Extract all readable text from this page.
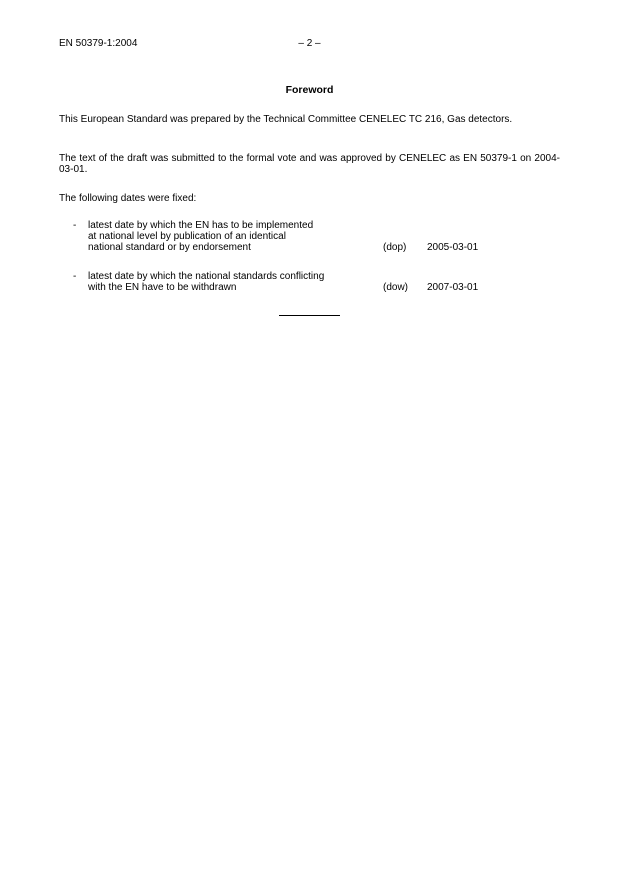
EN 50379-1:2004	– 2 –
Foreword
This European Standard was prepared by the Technical Committee CENELEC TC 216, Gas detectors.
The text of the draft was submitted to the formal vote and was approved by CENELEC as EN 50379-1 on 2004-03-01.
The following dates were fixed:
- latest date by which the EN has to be implemented
at national level by publication of an identical
national standard or by endorsement	(dop) 2005-03-01
- latest date by which the national standards conflicting
with the EN have to be withdrawn	(dow) 2007-03-01
